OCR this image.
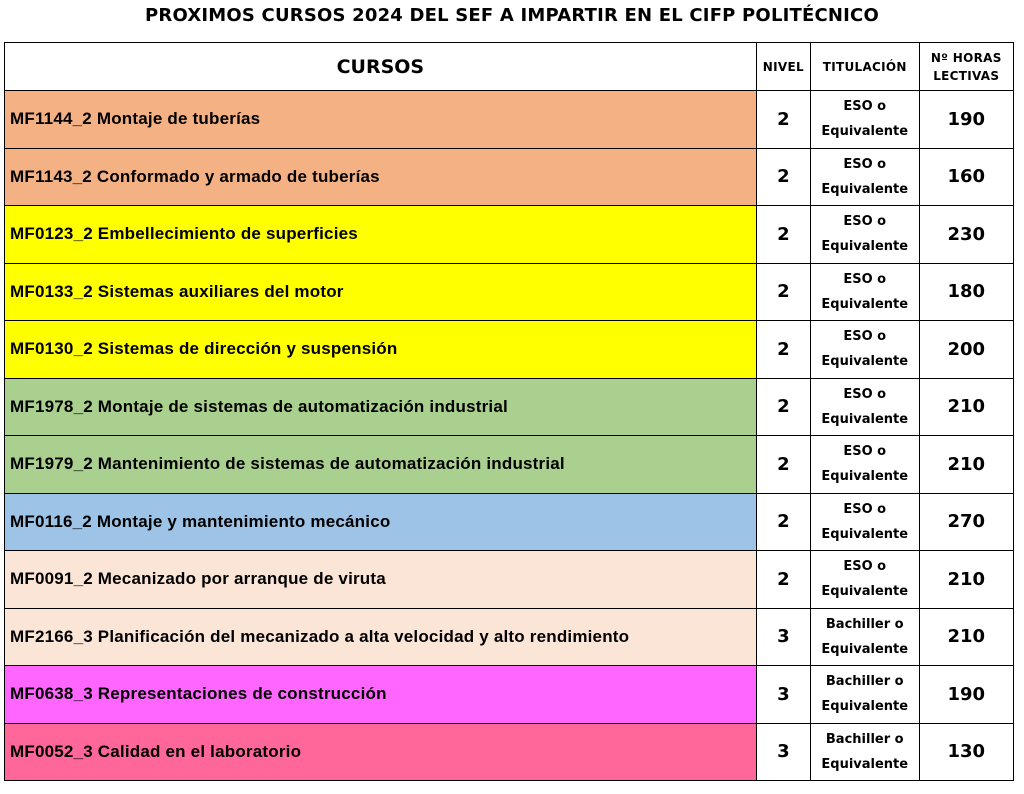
PROXIMOS CURSOS 2024 DEL SEF A IMPARTIR EN EL CIFP POLITÉCNICO
CURSOS	NIVEL	TITULACIÓN	Nº HORAS
LECTIVAS

MF1144_2 Montaje de tuberías	2	ESO o
Equivalente	190
MF1143_2 Conformado y armado de tuberías	2	ESO o
Equivalente	160
MF0123_2 Embellecimiento de superficies	2	ESO o
Equivalente	230
MF0133_2 Sistemas auxiliares del motor	2	ESO o
Equivalente	180
MF0130_2 Sistemas de dirección y suspensión	2	ESO o
Equivalente	200
MF1978_2 Montaje de sistemas de automatización industrial	2	ESO o
Equivalente	210
MF1979_2 Mantenimiento de sistemas de automatización industrial	2	ESO o
Equivalente	210
MF0116_2 Montaje y mantenimiento mecánico	2	ESO o
Equivalente	270
MF0091_2 Mecanizado por arranque de viruta	2	ESO o
Equivalente	210
MF2166_3 Planificación del mecanizado a alta velocidad y alto rendimiento	3	Bachiller o
Equivalente	210
MF0638_3 Representaciones de construcción	3	Bachiller o
Equivalente	190
MF0052_3 Calidad en el laboratorio	3	Bachiller o
Equivalente	130
